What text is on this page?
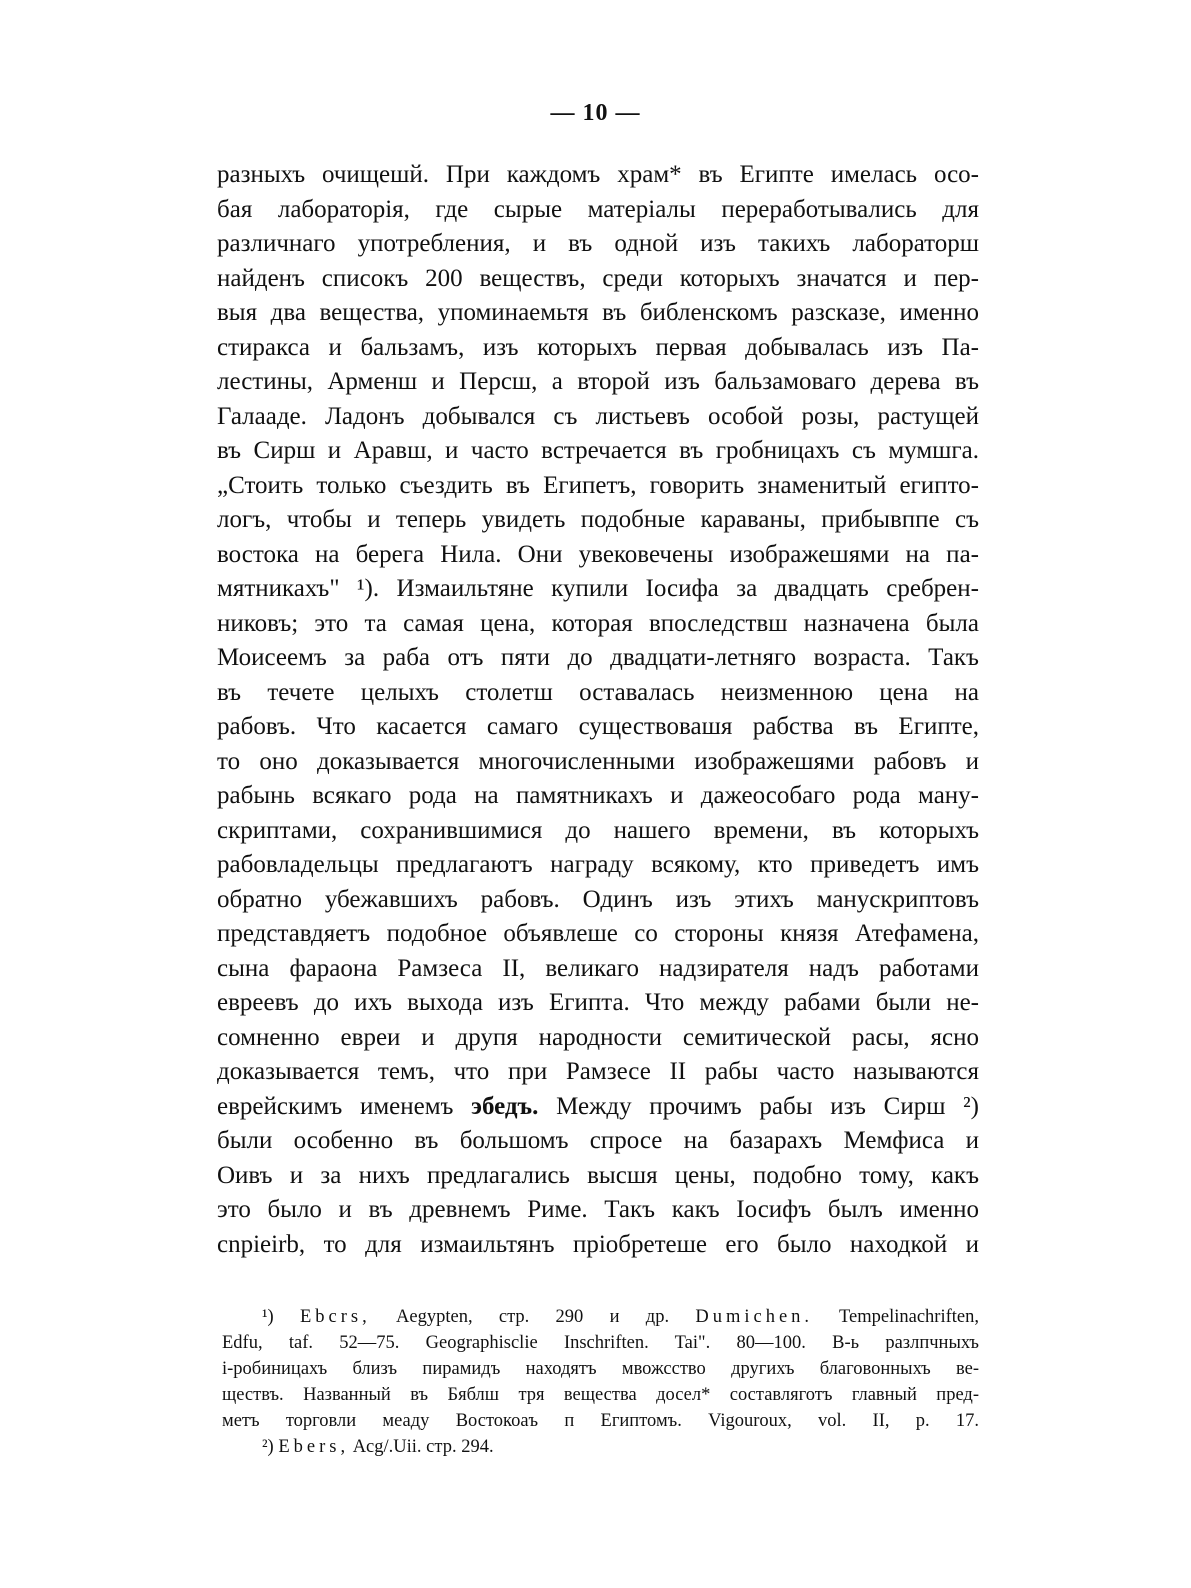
— 10 —
разныхъ очищешй. При каждомъ храм* въ Египте имелась осо-
бая лабораторія, где сырые матеріалы переработывались для
различнаго употребления, и въ одной изъ такихъ лабораторш
найденъ списокъ 200 веществъ, среди которыхъ значатся и пер-
выя два вещества, упоминаемьтя въ библенскомъ разсказе, именно
стиракса и бальзамъ, изъ которыхъ первая добывалась изъ Па-
лестины, Арменш и Персш, а второй изъ бальзамоваго дерева въ
Галааде. Ладонъ добывался съ листьевъ особой розы, растущей
въ Сирш и Аравш, и часто встречается въ гробницахъ съ мумшга.
„Стоить только съездить въ Египетъ, говорить знаменитый египто-
логъ, чтобы и теперь увидеть подобные караваны, прибывппе съ
востока на берега Нила. Они увековечены изображешями на па-
мятникахъ" ¹). Измаильтяне купили Іосифа за двадцать сребрен-
никовъ; это та самая цена, которая впоследствш назначена была
Моисеемъ за раба отъ пяти до двадцати-летняго возраста. Такъ
въ течете целыхъ столетш оставалась неизменною цена на
рабовъ. Что касается самаго существовашя рабства въ Египте,
то оно доказывается многочисленными изображешями рабовъ и
рабынь всякаго рода на памятникахъ и дажеособаго рода ману-
скриптами, сохранившимися до нашего времени, въ которыхъ
рабовладельцы предлагаютъ награду всякому, кто приведетъ имъ
обратно убежавшихъ рабовъ. Одинъ изъ этихъ манускриптовъ
представдяетъ подобное объявлеше со стороны князя Атефамена,
сына фараона Рамзеса II, великаго надзирателя надъ работами
евреевъ до ихъ выхода изъ Египта. Что между рабами были не-
сомненно евреи и друпя народности семитической расы, ясно
доказывается темъ, что при Рамзесе II рабы часто называются
еврейскимъ именемъ эбедъ. Между прочимъ рабы изъ Сирш ²)
были особенно въ большомъ спросе на базарахъ Мемфиса и
Оивъ и за нихъ предлагались высшя цены, подобно тому, какъ
это было и въ древнемъ Риме. Такъ какъ Іосифъ былъ именно
cnpieirb, то для измаильтянъ пріобретеше его было находкой и
¹) Ebcrs, Aegypten, стр. 290 и др. Dumichen. Tempelinachriften,
Edfu, taf. 52—75. Geographisclie Inschriften. Tai". 80—100. В-ь разлпчныхъ
і-робиницахъ близъ пирамидъ находятъ мвожсство другихъ благовонныхъ ве-
ществъ. Названный въ Бяблш тря вещества досел* составляготъ главный пред-
метъ торговли меаду Востокоаъ п Египтомъ. Vigouroux, vol. II, p. 17.
²) Ebers, Acg/.Uii. стр. 294.
